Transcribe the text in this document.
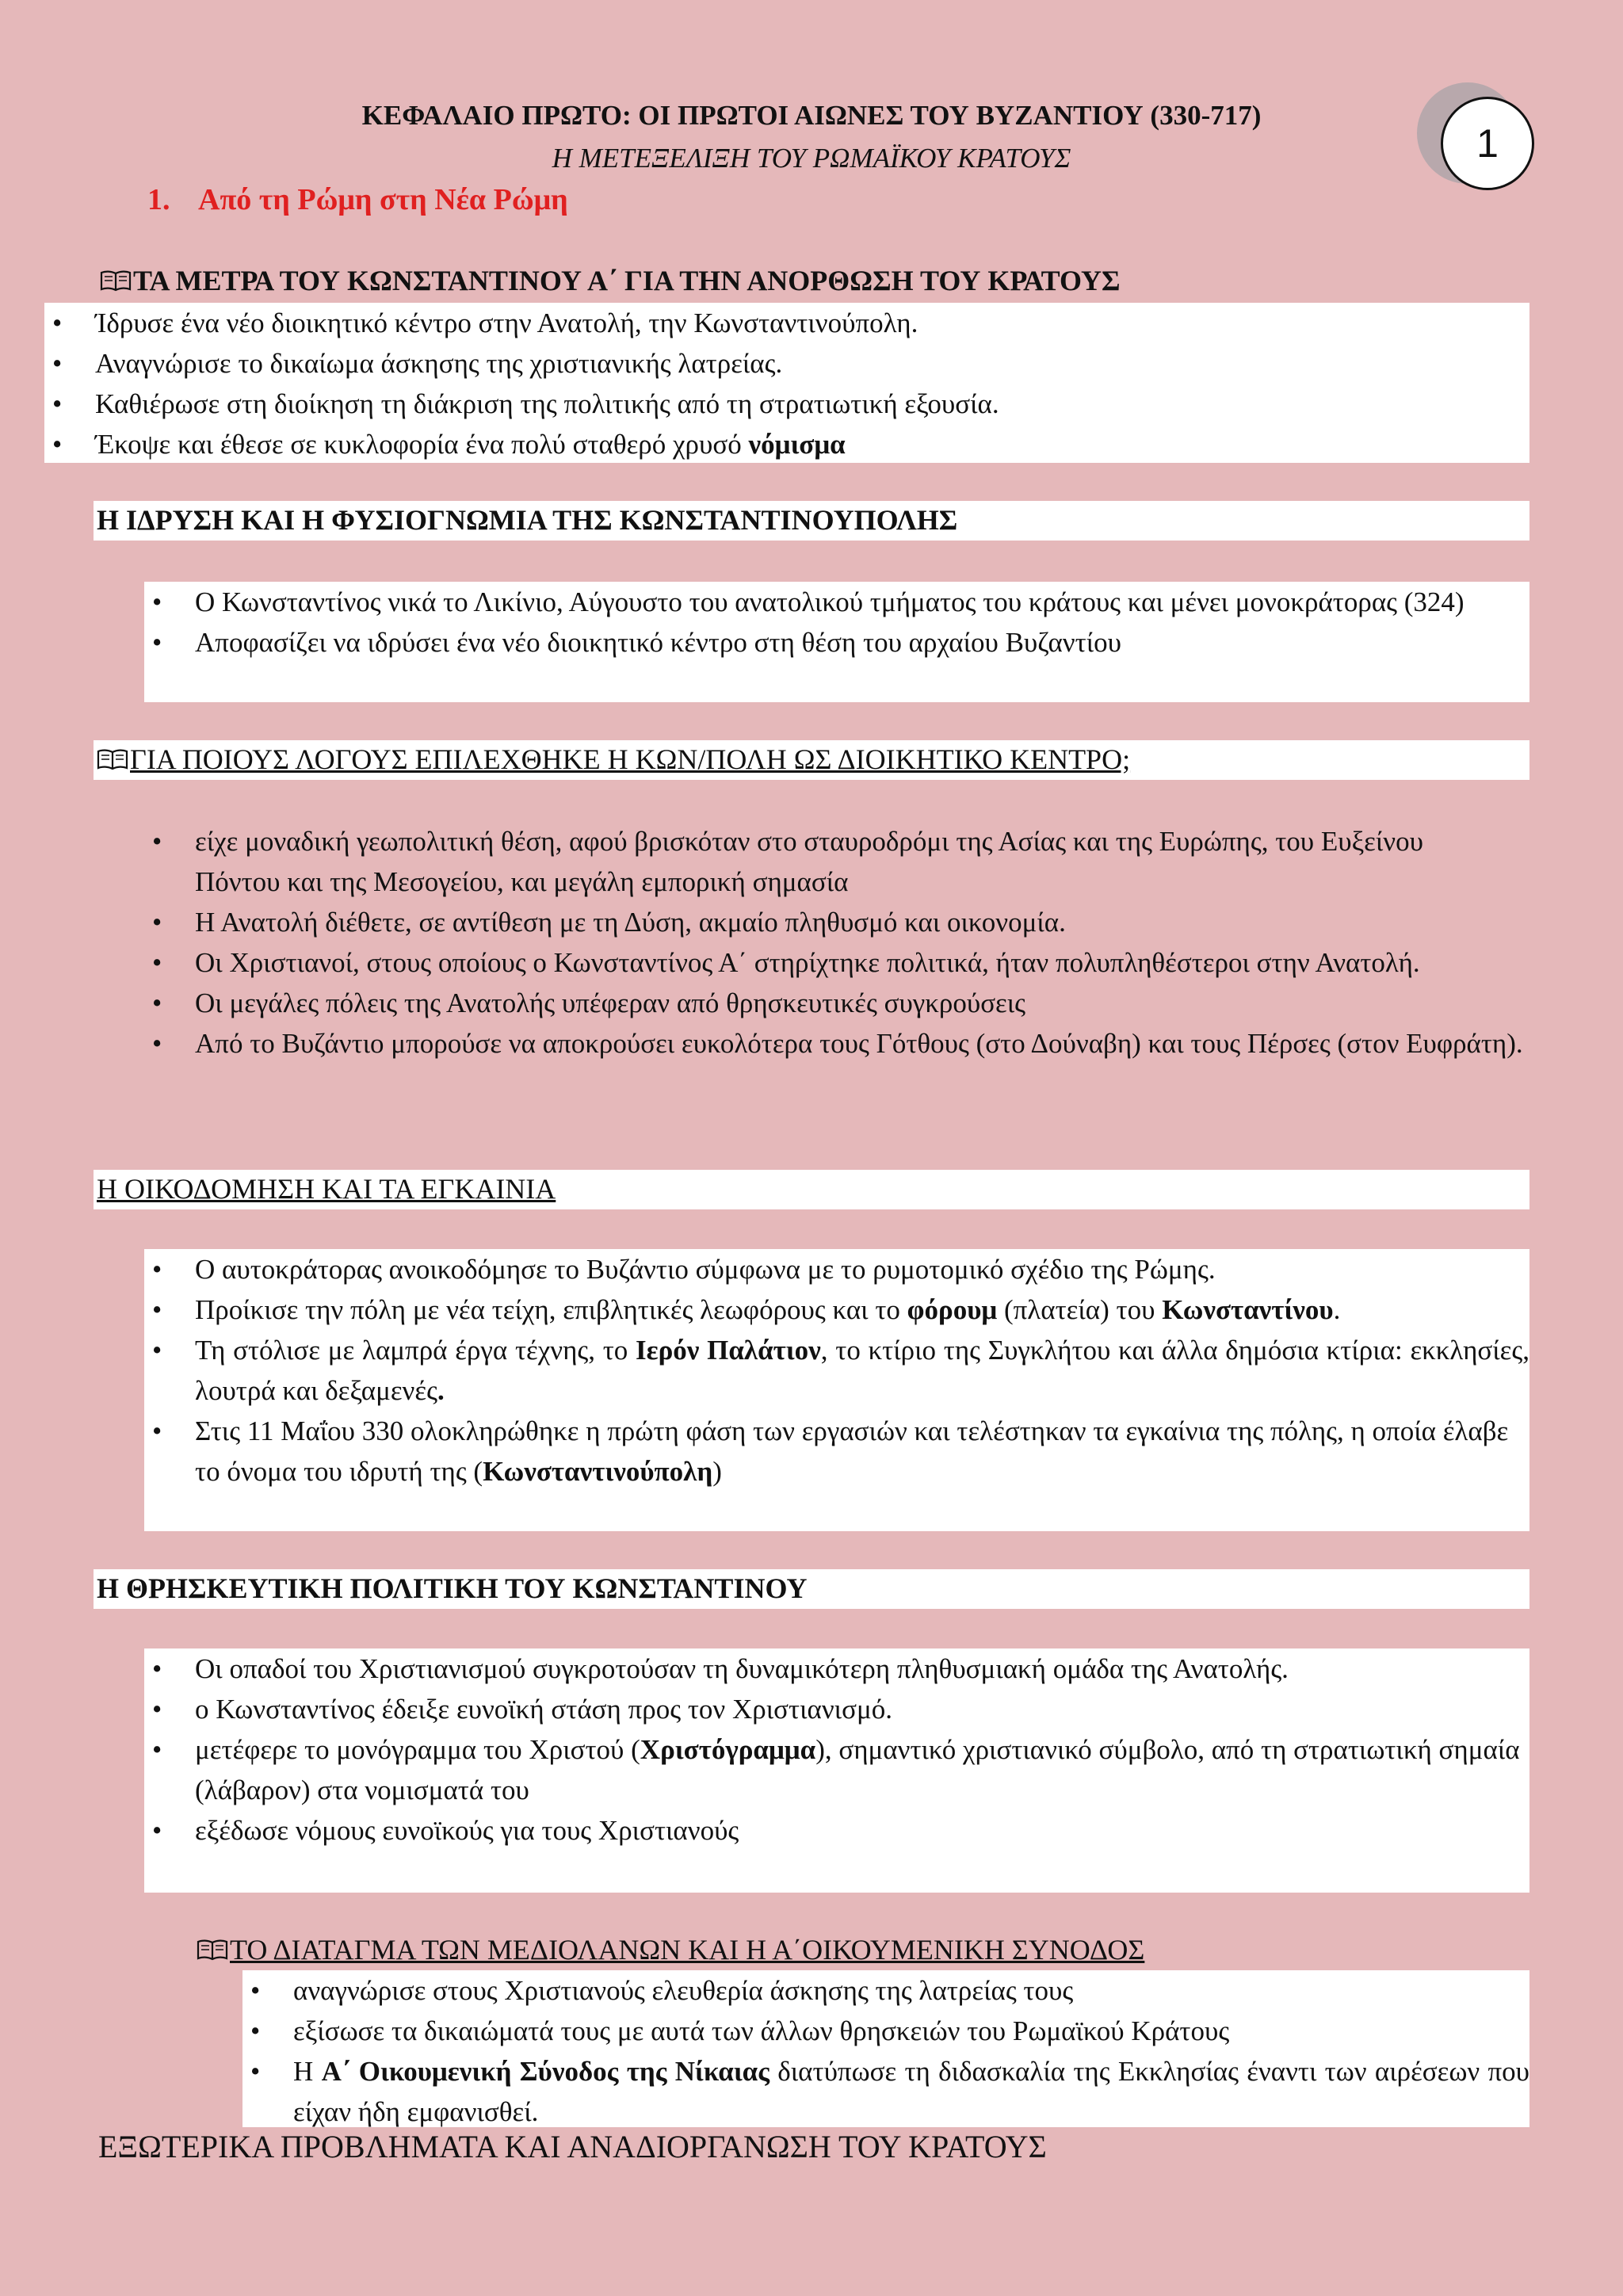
ΚΕΦΑΛΑΙΟ ΠΡΩΤΟ: ΟΙ ΠΡΩΤΟΙ ΑΙΩΝΕΣ ΤΟΥ ΒΥΖΑΝΤΙΟΥ (330-717)
Η ΜΕΤΕΞΕΛΙΞΗ ΤΟΥ ΡΩΜΑΪΚΟΥ ΚΡΑΤΟΥΣ
1. Από τη Ρώμη στη Νέα Ρώμη
1
ΤΑ ΜΕΤΡΑ ΤΟΥ ΚΩΝΣΤΑΝΤΙΝΟΥ Α΄ ΓΙΑ ΤΗΝ ΑΝΟΡΘΩΣΗ ΤΟΥ ΚΡΑΤΟΥΣ
• Ίδρυσε ένα νέο διοικητικό κέντρο στην Ανατολή, την Κωνσταντινούπολη.
• Αναγνώρισε το δικαίωμα άσκησης της χριστιανικής λατρείας.
• Καθιέρωσε στη διοίκηση τη διάκριση της πολιτικής από τη στρατιωτική εξουσία.
• Έκοψε και έθεσε σε κυκλοφορία ένα πολύ σταθερό χρυσό νόμισμα
Η ΙΔΡΥΣΗ ΚΑΙ Η ΦΥΣΙΟΓΝΩΜΙΑ ΤΗΣ ΚΩΝΣΤΑΝΤΙΝΟΥΠΟΛΗΣ
• Ο Κωνσταντίνος νικά το Λικίνιο, Αύγουστο του ανατολικού τμήματος του κράτους και μένει μονοκράτορας (324)
• Αποφασίζει να ιδρύσει ένα νέο διοικητικό κέντρο στη θέση του αρχαίου Βυζαντίου
ΓΙΑ ΠΟΙΟΥΣ ΛΟΓΟΥΣ ΕΠΙΛΕΧΘΗΚΕ Η ΚΩΝ/ΠΟΛΗ ΩΣ ΔΙΟΙΚΗΤΙΚΟ ΚΕΝΤΡΟ;
• είχε μοναδική γεωπολιτική θέση, αφού βρισκόταν στο σταυροδρόμι της Ασίας και της Ευρώπης, του Ευξείνου Πόντου και της Μεσογείου, και μεγάλη εμπορική σημασία
• Η Ανατολή διέθετε, σε αντίθεση με τη Δύση, ακμαίο πληθυσμό και οικονομία.
• Οι Χριστιανοί, στους οποίους ο Κωνσταντίνος Α΄ στηρίχτηκε πολιτικά, ήταν πολυπληθέστεροι στην Ανατολή.
• Οι μεγάλες πόλεις της Ανατολής υπέφεραν από θρησκευτικές συγκρούσεις
• Από το Βυζάντιο μπορούσε να αποκρούσει ευκολότερα τους Γότθους (στο Δούναβη) και τους Πέρσες (στον Ευφράτη).
Η ΟΙΚΟΔΟΜΗΣΗ ΚΑΙ ΤΑ ΕΓΚΑΙΝΙΑ
• Ο αυτοκράτορας ανοικοδόμησε το Βυζάντιο σύμφωνα με το ρυμοτομικό σχέδιο της Ρώμης.
• Προίκισε την πόλη με νέα τείχη, επιβλητικές λεωφόρους και το φόρουμ (πλατεία) του Κωνσταντίνου.
• Τη στόλισε με λαμπρά έργα τέχνης, το Ιερόν Παλάτιον, το κτίριο της Συγκλήτου και άλλα δημόσια κτίρια: εκκλησίες, λουτρά και δεξαμενές.
• Στις 11 Μαΐου 330 ολοκληρώθηκε η πρώτη φάση των εργασιών και τελέστηκαν τα εγκαίνια της πόλης, η οποία έλαβε το όνομα του ιδρυτή της (Κωνσταντινούπολη)
Η ΘΡΗΣΚΕΥΤΙΚΗ ΠΟΛΙΤΙΚΗ ΤΟΥ ΚΩΝΣΤΑΝΤΙΝΟΥ
• Οι οπαδοί του Χριστιανισμού συγκροτούσαν τη δυναμικότερη πληθυσμιακή ομάδα της Ανατολής.
• ο Κωνσταντίνος έδειξε ευνοϊκή στάση προς τον Χριστιανισμό.
• μετέφερε το μονόγραμμα του Χριστού (Χριστόγραμμα), σημαντικό χριστιανικό σύμβολο, από τη στρατιωτική σημαία (λάβαρον) στα νομισματά του
• εξέδωσε νόμους ευνοϊκούς για τους Χριστιανούς
ΤΟ ΔΙΑΤΑΓΜΑ ΤΩΝ ΜΕΔΙΟΛΑΝΩΝ ΚΑΙ Η Α΄ΟΙΚΟΥΜΕΝΙΚΗ ΣΥΝΟΔΟΣ
• αναγνώρισε στους Χριστιανούς ελευθερία άσκησης της λατρείας τους
• εξίσωσε τα δικαιώματά τους με αυτά των άλλων θρησκειών του Ρωμαϊκού Κράτους
• Η Α΄ Οικουμενική Σύνοδος της Νίκαιας διατύπωσε τη διδασκαλία της Εκκλησίας έναντι των αιρέσεων που είχαν ήδη εμφανισθεί.
ΕΞΩΤΕΡΙΚΑ ΠΡΟΒΛΗΜΑΤΑ ΚΑΙ ΑΝΑΔΙΟΡΓΑΝΩΣΗ ΤΟΥ ΚΡΑΤΟΥΣ
